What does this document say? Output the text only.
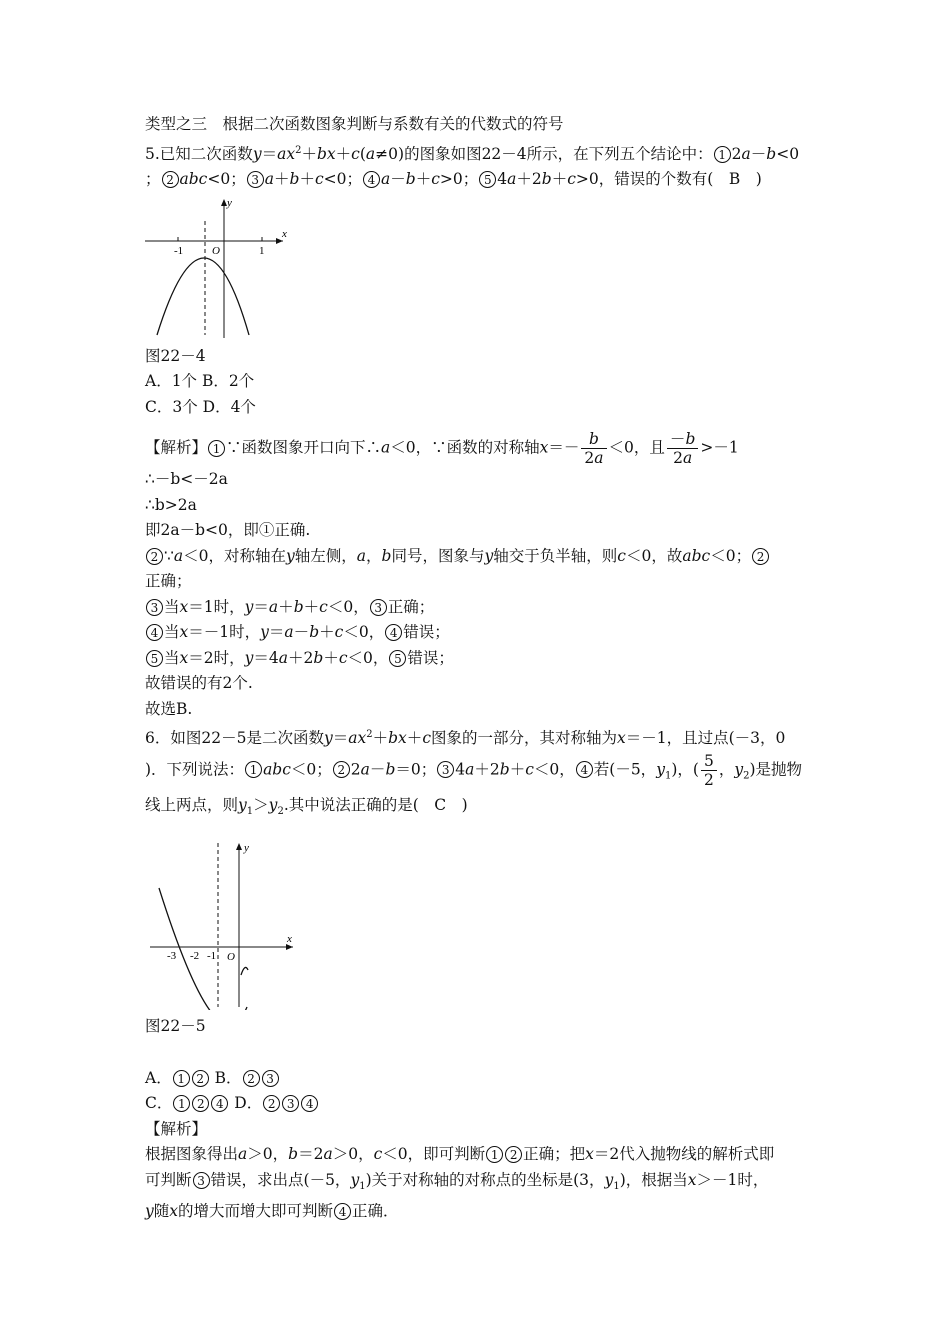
类型之三　根据二次函数图象判断与系数有关的代数式的符号
5.已知二次函数$y=ax^2+bx+c(a\ne 0)$的图象如图22－4所示，在下列五个结论中： 1 2a－b<0
； 2 abc<0； 3 a＋b＋c<0； 4 a－b＋c>0； 5 4a＋2b＋c>0，错误的个数有(　B　)
y
x
O
-1	1
图22－4
A．1个 B．2个
C．3个 D．4个
【解析】 1 ∵函数图象开口向下∴a＜0，∵函数的对称轴$x=- \frac{b}{2a} <0$，且 $\frac{-b}{2a} >-1$
∴－b<－2a
∴b>2a
即2a－b<0，即①正确.
2 ∵a＜0，对称轴在y轴左侧，a，b同号，图象与y轴交于负半轴，则c＜0，故abc＜0； 2
正确；
3 当x＝1时，y＝a＋b＋c＜0， 3 正确；
4 当x＝－1时，y＝a－b＋c＜0， 4 错误；
5 当x＝2时，y＝4a＋2b＋c＜0， 5 错误；
故错误的有2个.
故选B.
6．如图22－5是二次函数$y=ax^2+bx+c$图象的一部分，其对称轴为x＝－1，且过点(－3，0
)．下列说法： 1 abc＜0； 2 2a－b＝0； 3 4a＋2b＋c＜0， 4 若(－5，$y_1$)，( $\frac{5}{2}$ ，$y_2$)是抛物
线上两点，则$y_1>y_2$.其中说法正确的是(　C　)
y
x
O
-3 -2 -1
图22－5
A． 1 2 B． 2 3
C． 1 2 4 D． 2 3 4
【解析】
根据图象得出a＞0，b＝2a＞0，c＜0，即可判断 1 2 正确；把x＝2代入抛物线的解析式即
可判断 3 错误，求出点(－5，$y_1$)关于对称轴的对称点的坐标是(3，$y_1$)，根据当x＞－1时，
y随x的增大而增大即可判断 4 正确．
